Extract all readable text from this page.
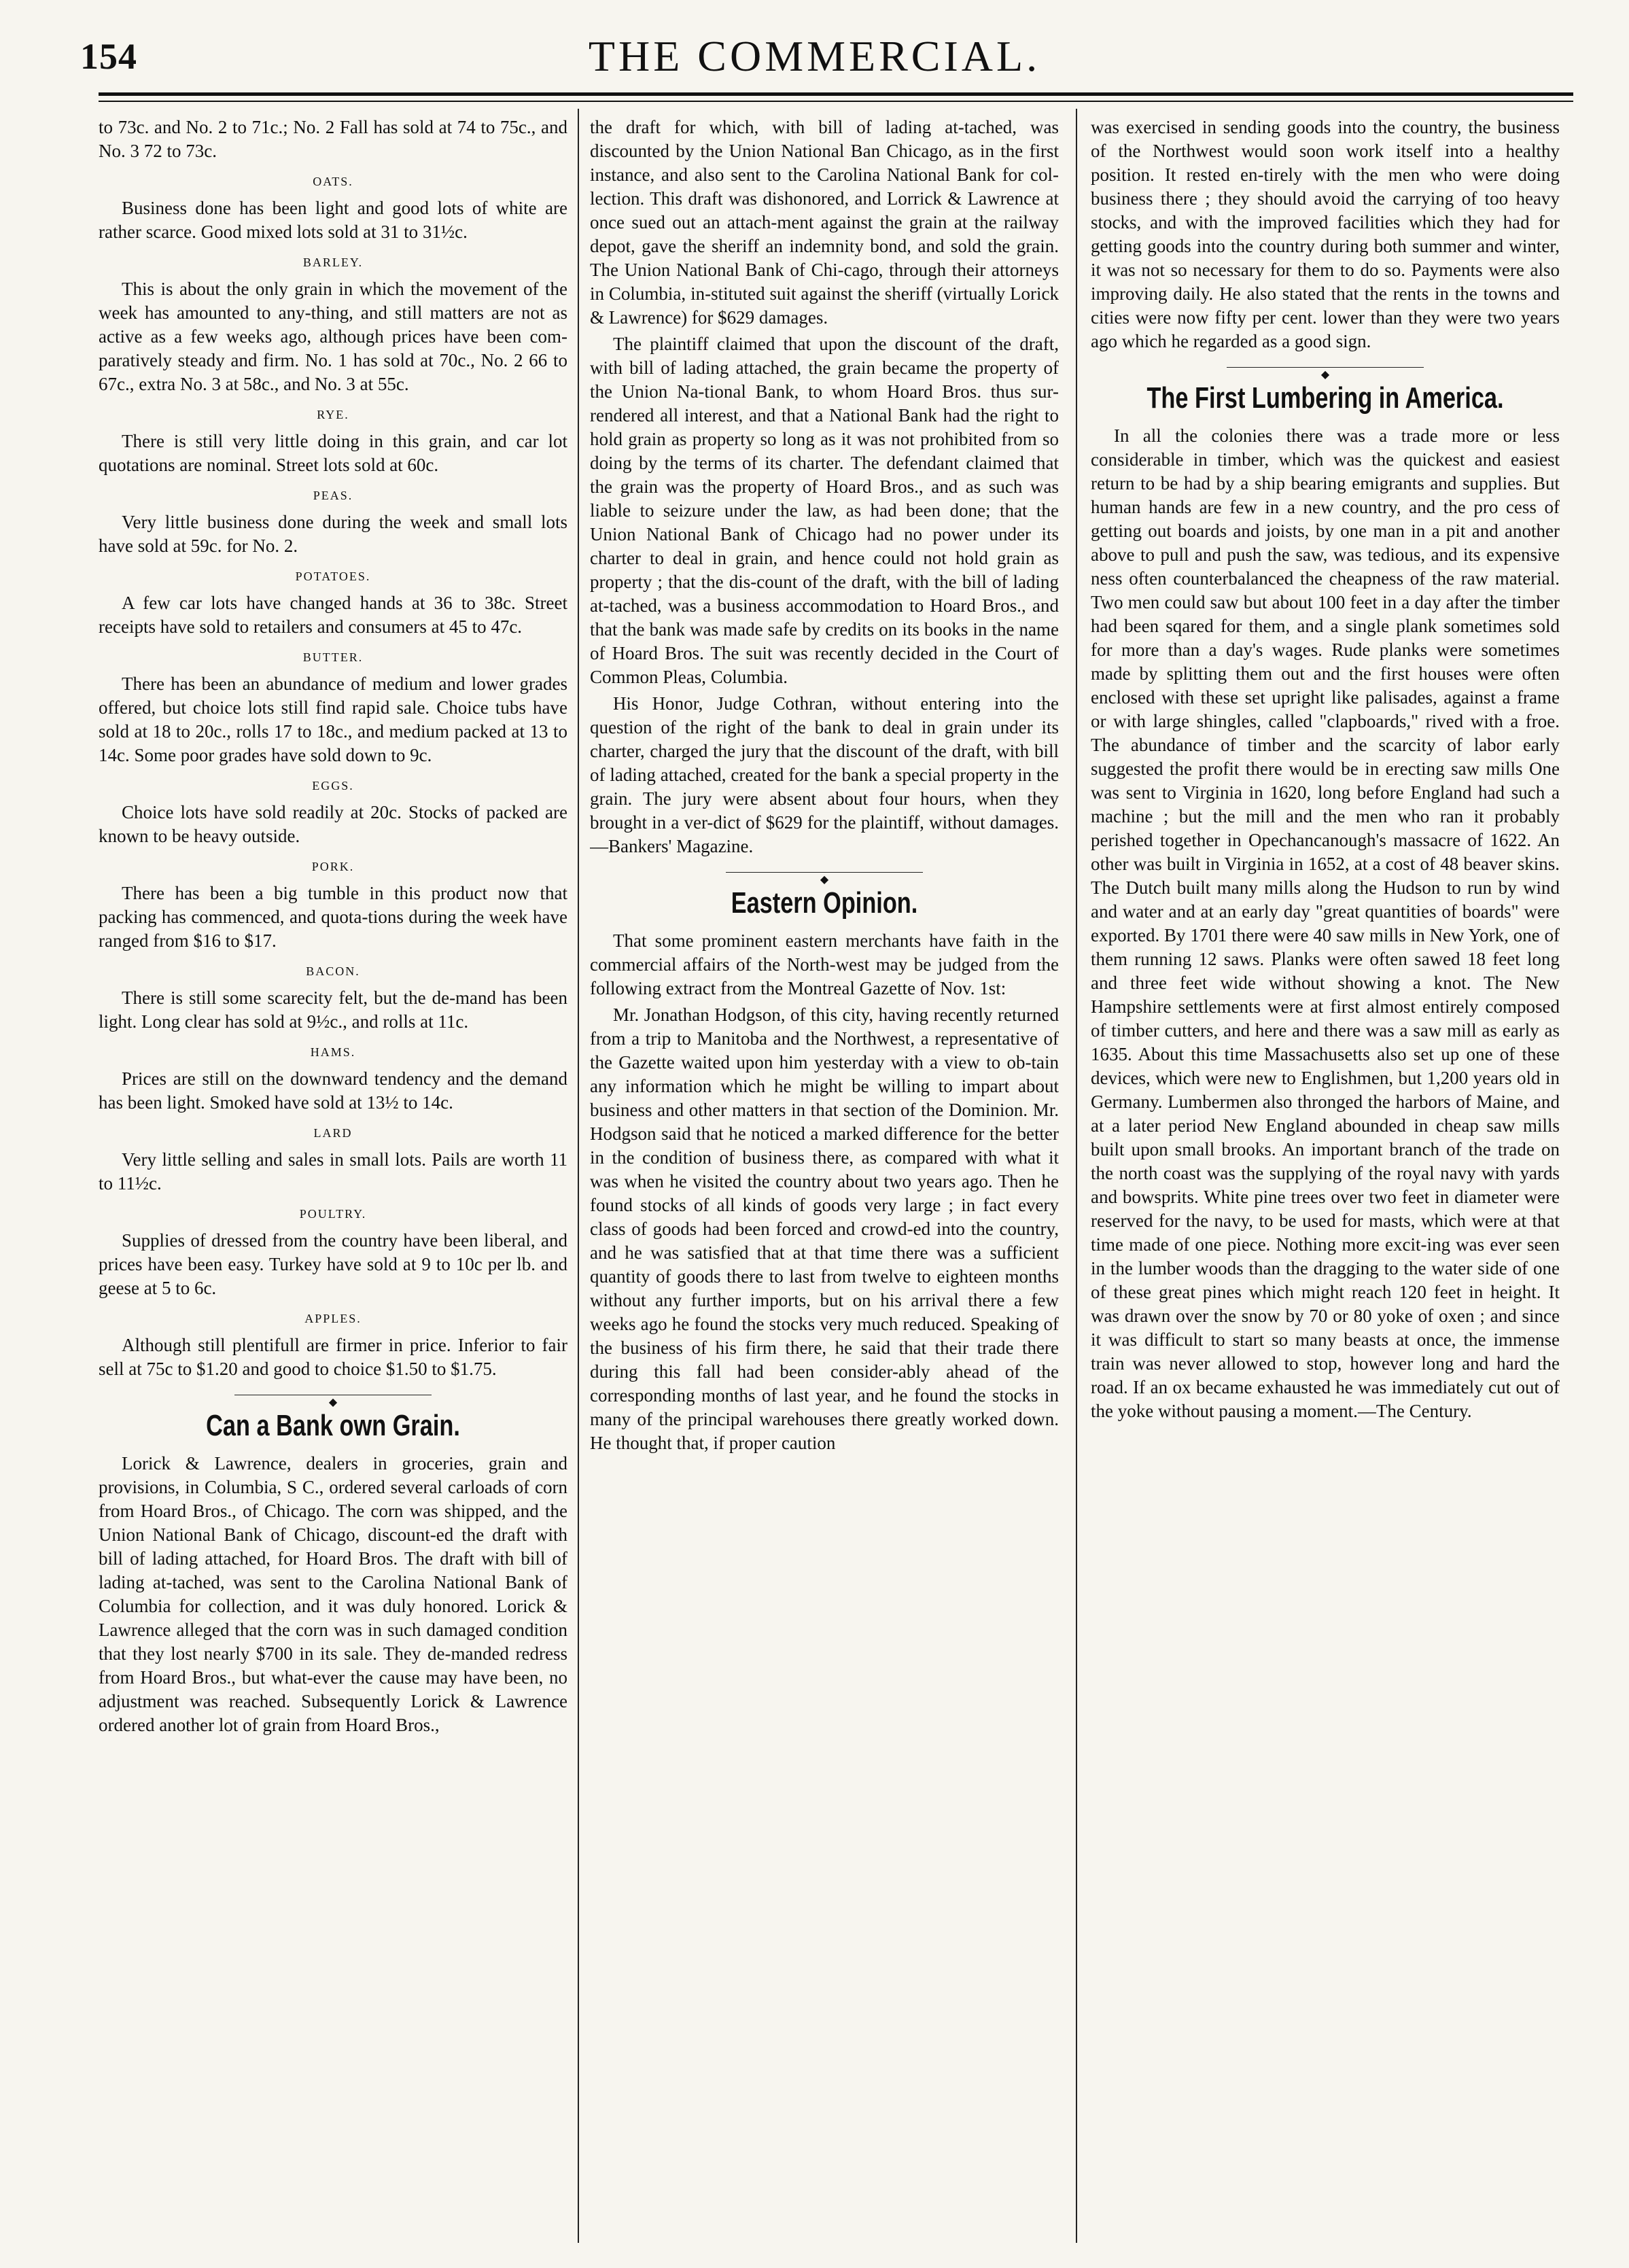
154	THE COMMERCIAL.

to 73c. and No. 2 to 71c.; No. 2 Fall has sold at 74 to 75c., and No. 3 72 to 73c.

OATS.

Business done has been light and good lots of white are rather scarce. Good mixed lots sold at 31 to 31½c.

BARLEY.

This is about the only grain in which the movement of the week has amounted to any-thing, and still matters are not as active as a few weeks ago, although prices have been com-paratively steady and firm. No. 1 has sold at 70c., No. 2 66 to 67c., extra No. 3 at 58c., and No. 3 at 55c.

RYE.

There is still very little doing in this grain, and car lot quotations are nominal. Street lots sold at 60c.

PEAS.

Very little business done during the week and small lots have sold at 59c. for No. 2.

POTATOES.

A few car lots have changed hands at 36 to 38c. Street receipts have sold to retailers and consumers at 45 to 47c.

BUTTER.

There has been an abundance of medium and lower grades offered, but choice lots still find rapid sale. Choice tubs have sold at 18 to 20c., rolls 17 to 18c., and medium packed at 13 to 14c. Some poor grades have sold down to 9c.

EGGS.

Choice lots have sold readily at 20c. Stocks of packed are known to be heavy outside.

PORK.

There has been a big tumble in this product now that packing has commenced, and quota-tions during the week have ranged from $16 to $17.

BACON.

There is still some scarecity felt, but the de-mand has been light. Long clear has sold at 9½c., and rolls at 11c.

HAMS.

Prices are still on the downward tendency and the demand has been light. Smoked have sold at 13½ to 14c.

LARD

Very little selling and sales in small lots. Pails are worth 11 to 11½c.

POULTRY.

Supplies of dressed from the country have been liberal, and prices have been easy. Turkey have sold at 9 to 10c per lb. and geese at 5 to 6c.

APPLES.

Although still plentifull are firmer in price. Inferior to fair sell at 75c to $1.20 and good to choice $1.50 to $1.75.

◆
Can a Bank own Grain.

Lorick & Lawrence, dealers in groceries, grain and provisions, in Columbia, S C., ordered several carloads of corn from Hoard Bros., of Chicago. The corn was shipped, and the Union National Bank of Chicago, discount-ed the draft with bill of lading attached, for Hoard Bros. The draft with bill of lading at-tached, was sent to the Carolina National Bank of Columbia for collection, and it was duly honored. Lorick & Lawrence alleged that the corn was in such damaged condition that they lost nearly $700 in its sale. They de-manded redress from Hoard Bros., but what-ever the cause may have been, no adjustment was reached. Subsequently Lorick & Lawrence ordered another lot of grain from Hoard Bros.,

the draft for which, with bill of lading at-tached, was discounted by the Union National Ban Chicago, as in the first instance, and also sent to the Carolina National Bank for col-lection. This draft was dishonored, and Lorrick & Lawrence at once sued out an attach-ment against the grain at the railway depot, gave the sheriff an indemnity bond, and sold the grain. The Union National Bank of Chi-cago, through their attorneys in Columbia, in-stituted suit against the sheriff (virtually Lorick & Lawrence) for $629 damages.

The plaintiff claimed that upon the discount of the draft, with bill of lading attached, the grain became the property of the Union Na-tional Bank, to whom Hoard Bros. thus sur-rendered all interest, and that a National Bank had the right to hold grain as property so long as it was not prohibited from so doing by the terms of its charter. The defendant claimed that the grain was the property of Hoard Bros., and as such was liable to seizure under the law, as had been done; that the Union National Bank of Chicago had no power under its charter to deal in grain, and hence could not hold grain as property ; that the dis-count of the draft, with the bill of lading at-tached, was a business accommodation to Hoard Bros., and that the bank was made safe by credits on its books in the name of Hoard Bros. The suit was recently decided in the Court of Common Pleas, Columbia.

His Honor, Judge Cothran, without entering into the question of the right of the bank to deal in grain under its charter, charged the jury that the discount of the draft, with bill of lading attached, created for the bank a special property in the grain. The jury were absent about four hours, when they brought in a ver-dict of $629 for the plaintiff, without damages. —Bankers' Magazine.

◆
Eastern Opinion.

That some prominent eastern merchants have faith in the commercial affairs of the North-west may be judged from the following extract from the Montreal Gazette of Nov. 1st:

Mr. Jonathan Hodgson, of this city, having recently returned from a trip to Manitoba and the Northwest, a representative of the Gazette waited upon him yesterday with a view to ob-tain any information which he might be willing to impart about business and other matters in that section of the Dominion. Mr. Hodgson said that he noticed a marked difference for the better in the condition of business there, as compared with what it was when he visited the country about two years ago. Then he found stocks of all kinds of goods very large ; in fact every class of goods had been forced and crowd-ed into the country, and he was satisfied that at that time there was a sufficient quantity of goods there to last from twelve to eighteen months without any further imports, but on his arrival there a few weeks ago he found the stocks very much reduced. Speaking of the business of his firm there, he said that their trade there during this fall had been consider-ably ahead of the corresponding months of last year, and he found the stocks in many of the principal warehouses there greatly worked down. He thought that, if proper caution

was exercised in sending goods into the country, the business of the Northwest would soon work itself into a healthy position. It rested en-tirely with the men who were doing business there ; they should avoid the carrying of too heavy stocks, and with the improved facilities which they had for getting goods into the country during both summer and winter, it was not so necessary for them to do so. Payments were also improving daily. He also stated that the rents in the towns and cities were now fifty per cent. lower than they were two years ago which he regarded as a good sign.

◆
The First Lumbering in America.

In all the colonies there was a trade more or less considerable in timber, which was the quickest and easiest return to be had by a ship bearing emigrants and supplies. But human hands are few in a new country, and the pro cess of getting out boards and joists, by one man in a pit and another above to pull and push the saw, was tedious, and its expensive ness often counterbalanced the cheapness of the raw material. Two men could saw but about 100 feet in a day after the timber had been sqared for them, and a single plank sometimes sold for more than a day's wages. Rude planks were sometimes made by splitting them out and the first houses were often enclosed with these set upright like palisades, against a frame or with large shingles, called "clapboards," rived with a froe. The abundance of timber and the scarcity of labor early suggested the profit there would be in erecting saw mills One was sent to Virginia in 1620, long before England had such a machine ; but the mill and the men who ran it probably perished together in Opechancanough's massacre of 1622. An other was built in Virginia in 1652, at a cost of 48 beaver skins. The Dutch built many mills along the Hudson to run by wind and water and at an early day "great quantities of boards" were exported. By 1701 there were 40 saw mills in New York, one of them running 12 saws. Planks were often sawed 18 feet long and three feet wide without showing a knot. The New Hampshire settlements were at first almost entirely composed of timber cutters, and here and there was a saw mill as early as 1635. About this time Massachusetts also set up one of these devices, which were new to Englishmen, but 1,200 years old in Germany. Lumbermen also thronged the harbors of Maine, and at a later period New England abounded in cheap saw mills built upon small brooks. An important branch of the trade on the north coast was the supplying of the royal navy with yards and bowsprits. White pine trees over two feet in diameter were reserved for the navy, to be used for masts, which were at that time made of one piece. Nothing more excit-ing was ever seen in the lumber woods than the dragging to the water side of one of these great pines which might reach 120 feet in height. It was drawn over the snow by 70 or 80 yoke of oxen ; and since it was difficult to start so many beasts at once, the immense train was never allowed to stop, however long and hard the road. If an ox became exhausted he was immediately cut out of the yoke without pausing a moment.—The Century.
